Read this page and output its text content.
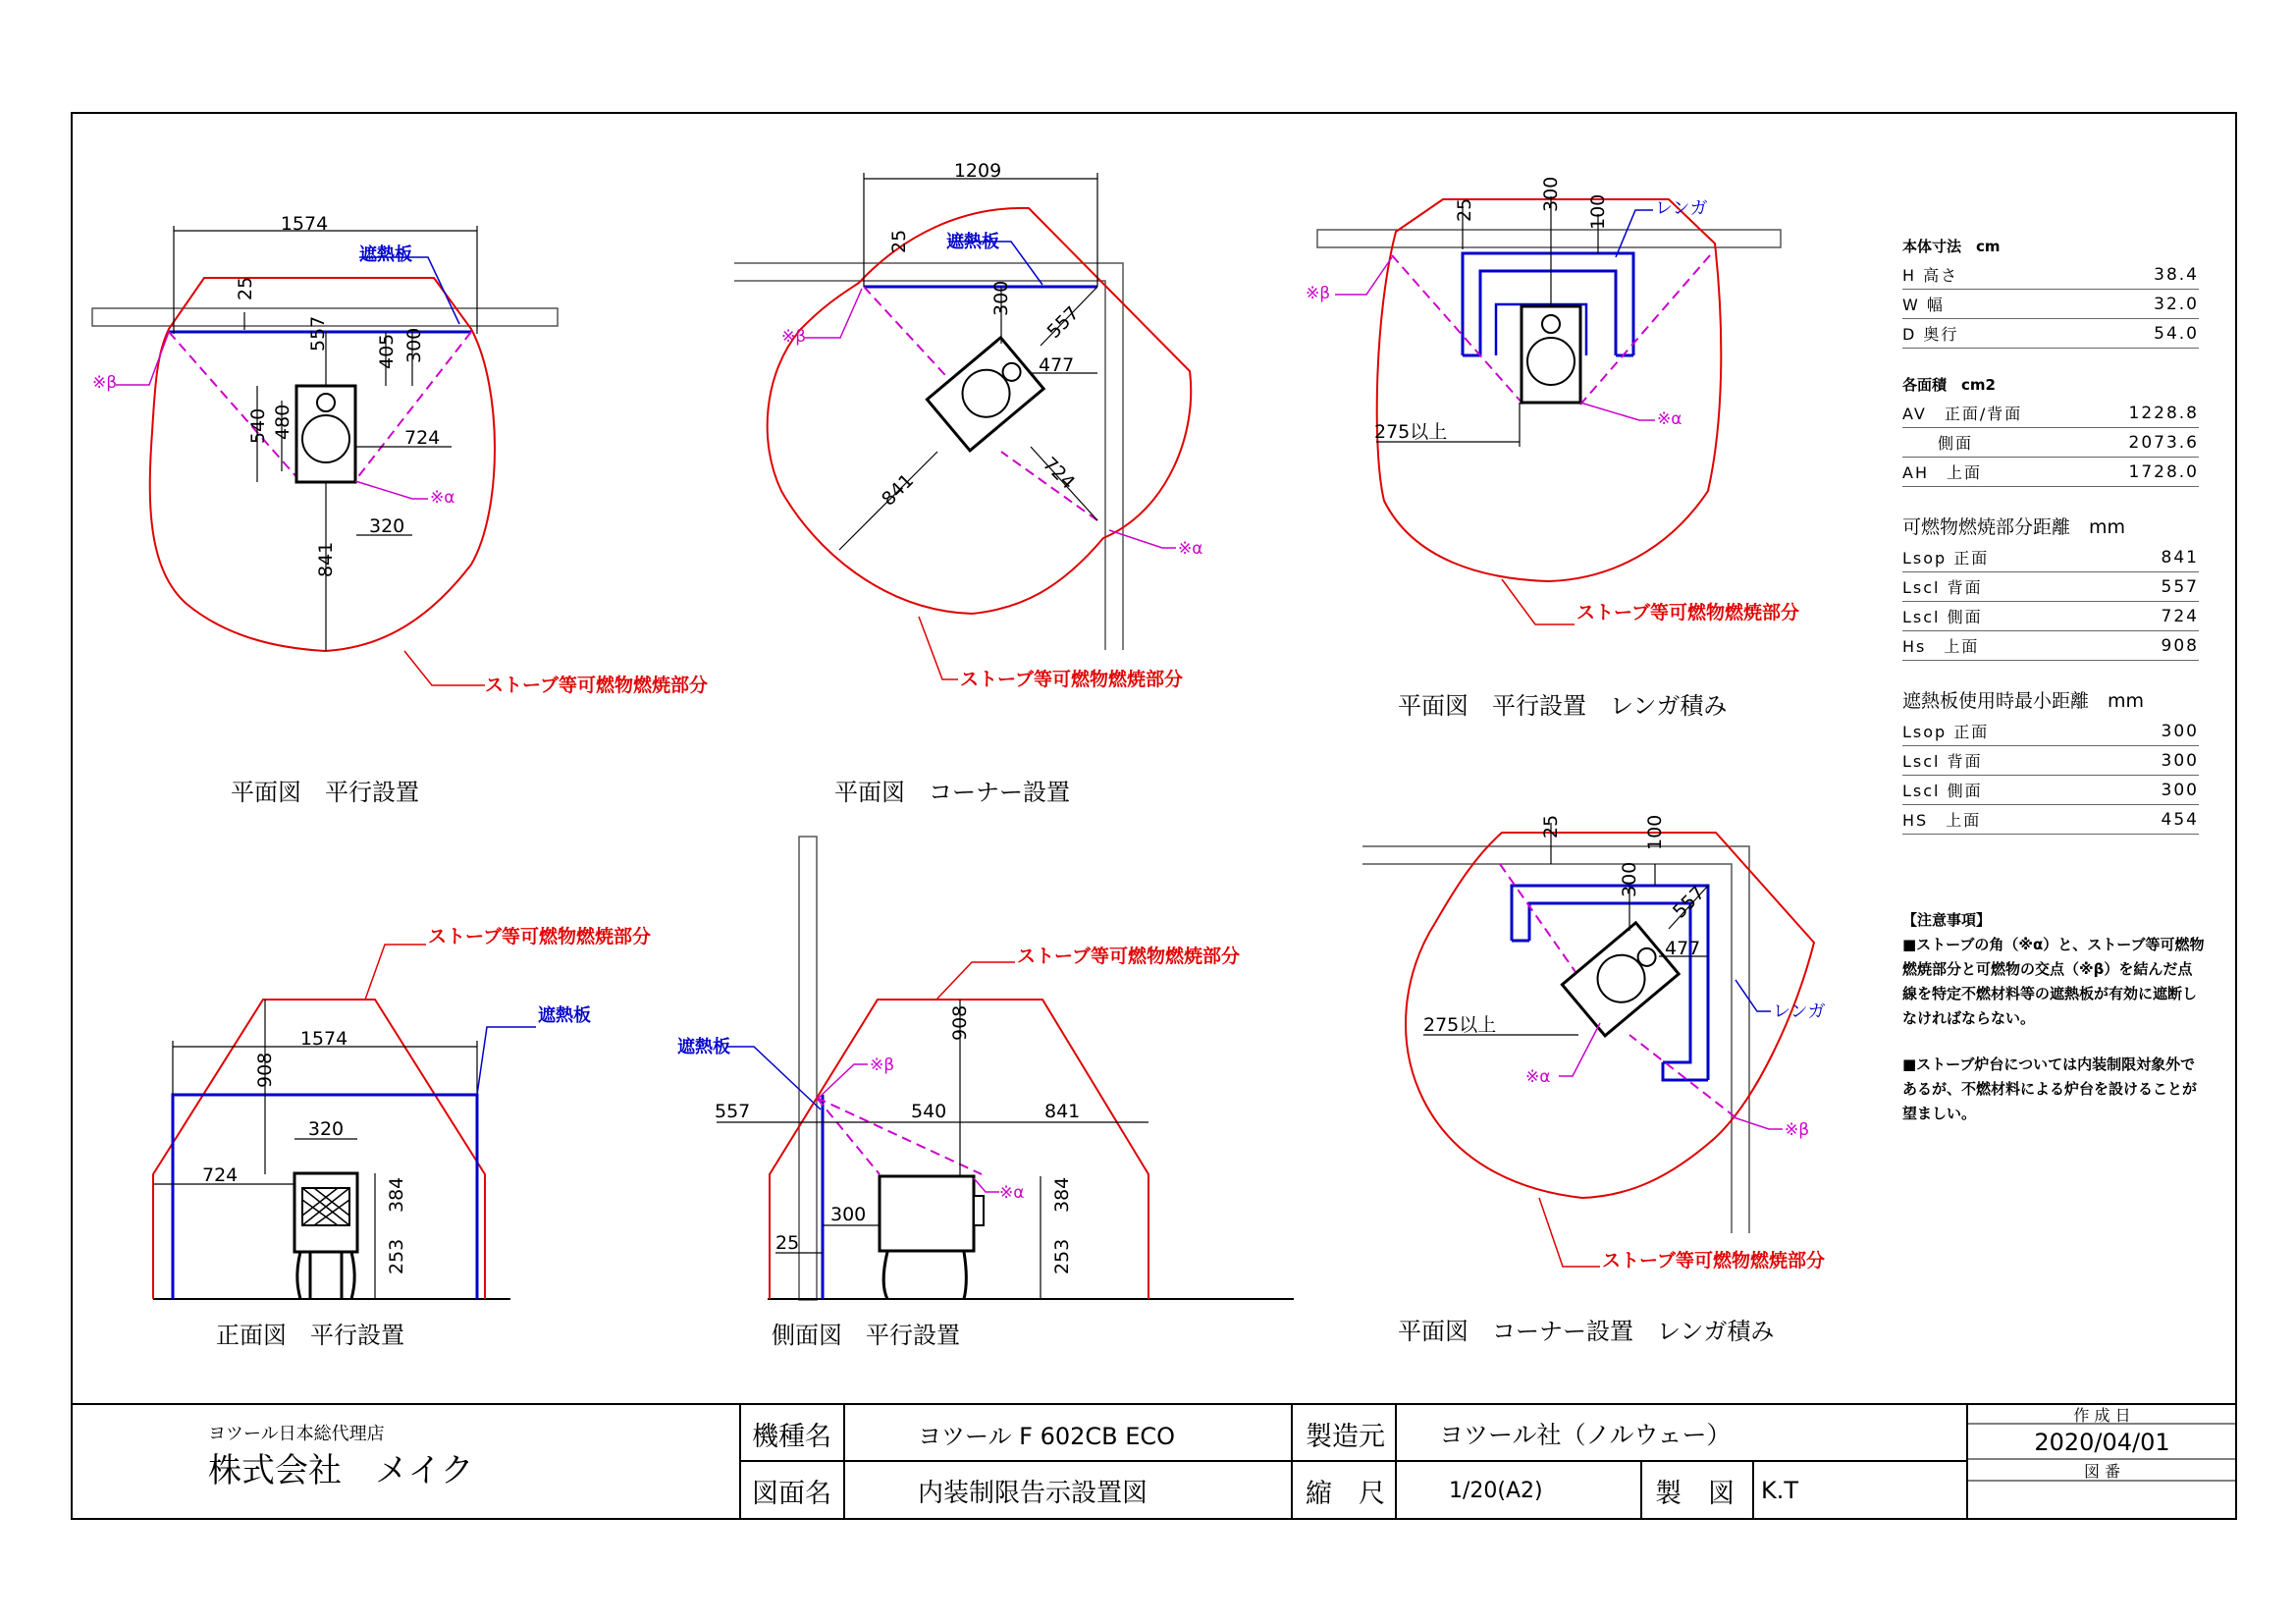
1574
25
557	405 300
540 480	724
320
841
遮熱板
※β
※α
ストーブ等可燃物燃焼部分
平面図　平行設置
1209
25
300
557
477
841	724
遮熱板
※β
※α
ストーブ等可燃物燃焼部分
平面図　コーナー設置
25	300 100
275以上
レンガ
※β
※α
ストーブ等可燃物燃焼部分
平面図　平行設置　レンガ積み
1574
908
320
724
384
253
遮熱板
ストーブ等可燃物燃焼部分
正面図　平行設置
908
557	540	841
300
25
384
253
遮熱板
※β
※α
ストーブ等可燃物燃焼部分
側面図　平行設置
25	100
300
557
477
275以上
レンガ
※β
※α
ストーブ等可燃物燃焼部分
平面図　コーナー設置　レンガ積み
本体寸法　cm
H 高さ	38.4
W 幅	32.0
D 奥行	54.0
各面積　cm2
AV　正面/背面	1228.8
　　側面	2073.6
AH　上面	1728.0
可燃物燃焼部分距離　mm
Lsop 正面	841
Lscl 背面	557
Lscl 側面	724
Hs　上面	908
遮熱板使用時最小距離　mm
Lsop 正面	300
Lscl 背面	300
Lscl 側面	300
HS　上面	454
【注意事項】

■ストーブの角（※α）と、ストーブ等可燃物燃焼部分と可燃物の交点（※β）を結んだ点線を特定不燃材料等の遮熱板が有効に遮断しなければならない。

■ストーブ炉台については内装制限対象外であるが、不燃材料による炉台を設けることが望ましい。

ヨツール日本総代理店
株式会社　メイク
機種名	ヨツール F 602CB ECO
図面名	内装制限告示設置図
製造元 ヨツール社（ノルウェー）
縮　尺	1/20(A2)	製　図 K.T
作 成 日
2020/04/01
図 番
